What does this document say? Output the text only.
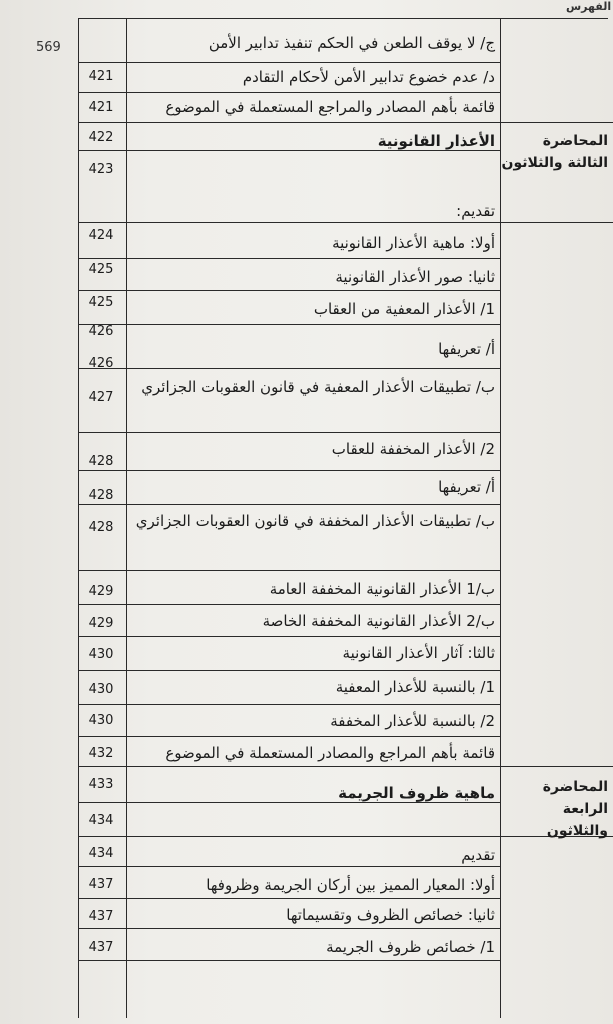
الفهرس
569
المحاضرة الثالثة والثلاثون
المحاضرة الرابعة والثلاثون
421
421
422
423
424
425
425
426
426
427
428
428
428
429
429
430
430
430
432
433
434
434
437
437
437
ج/ لا يوقف الطعن في الحكم تنفيذ تدابير الأمن
د/ عدم خضوع تدابير الأمن لأحكام التقادم
قائمة بأهم المصادر والمراجع المستعملة في الموضوع
الأعذار القانونية
تقديم:
أولا: ماهية الأعذار القانونية
ثانيا: صور الأعذار القانونية
1/ الأعذار المعفية من العقاب
أ/ تعريفها
ب/ تطبيقات الأعذار المعفية في قانون العقوبات الجزائري
2/ الأعذار المخففة للعقاب
أ/ تعريفها
ب/ تطبيقات الأعذار المخففة في قانون العقوبات الجزائري
ب/1 الأعذار القانونية المخففة العامة
ب/2 الأعذار القانونية المخففة الخاصة
ثالثا: آثار الأعذار القانونية
1/ بالنسبة للأعذار المعفية
2/ بالنسبة للأعذار المخففة
قائمة بأهم المراجع والمصادر المستعملة في الموضوع
ماهية ظروف الجريمة
تقديم
أولا: المعيار المميز بين أركان الجريمة وظروفها
ثانيا: خصائص الظروف وتقسيماتها
1/ خصائص ظروف الجريمة
